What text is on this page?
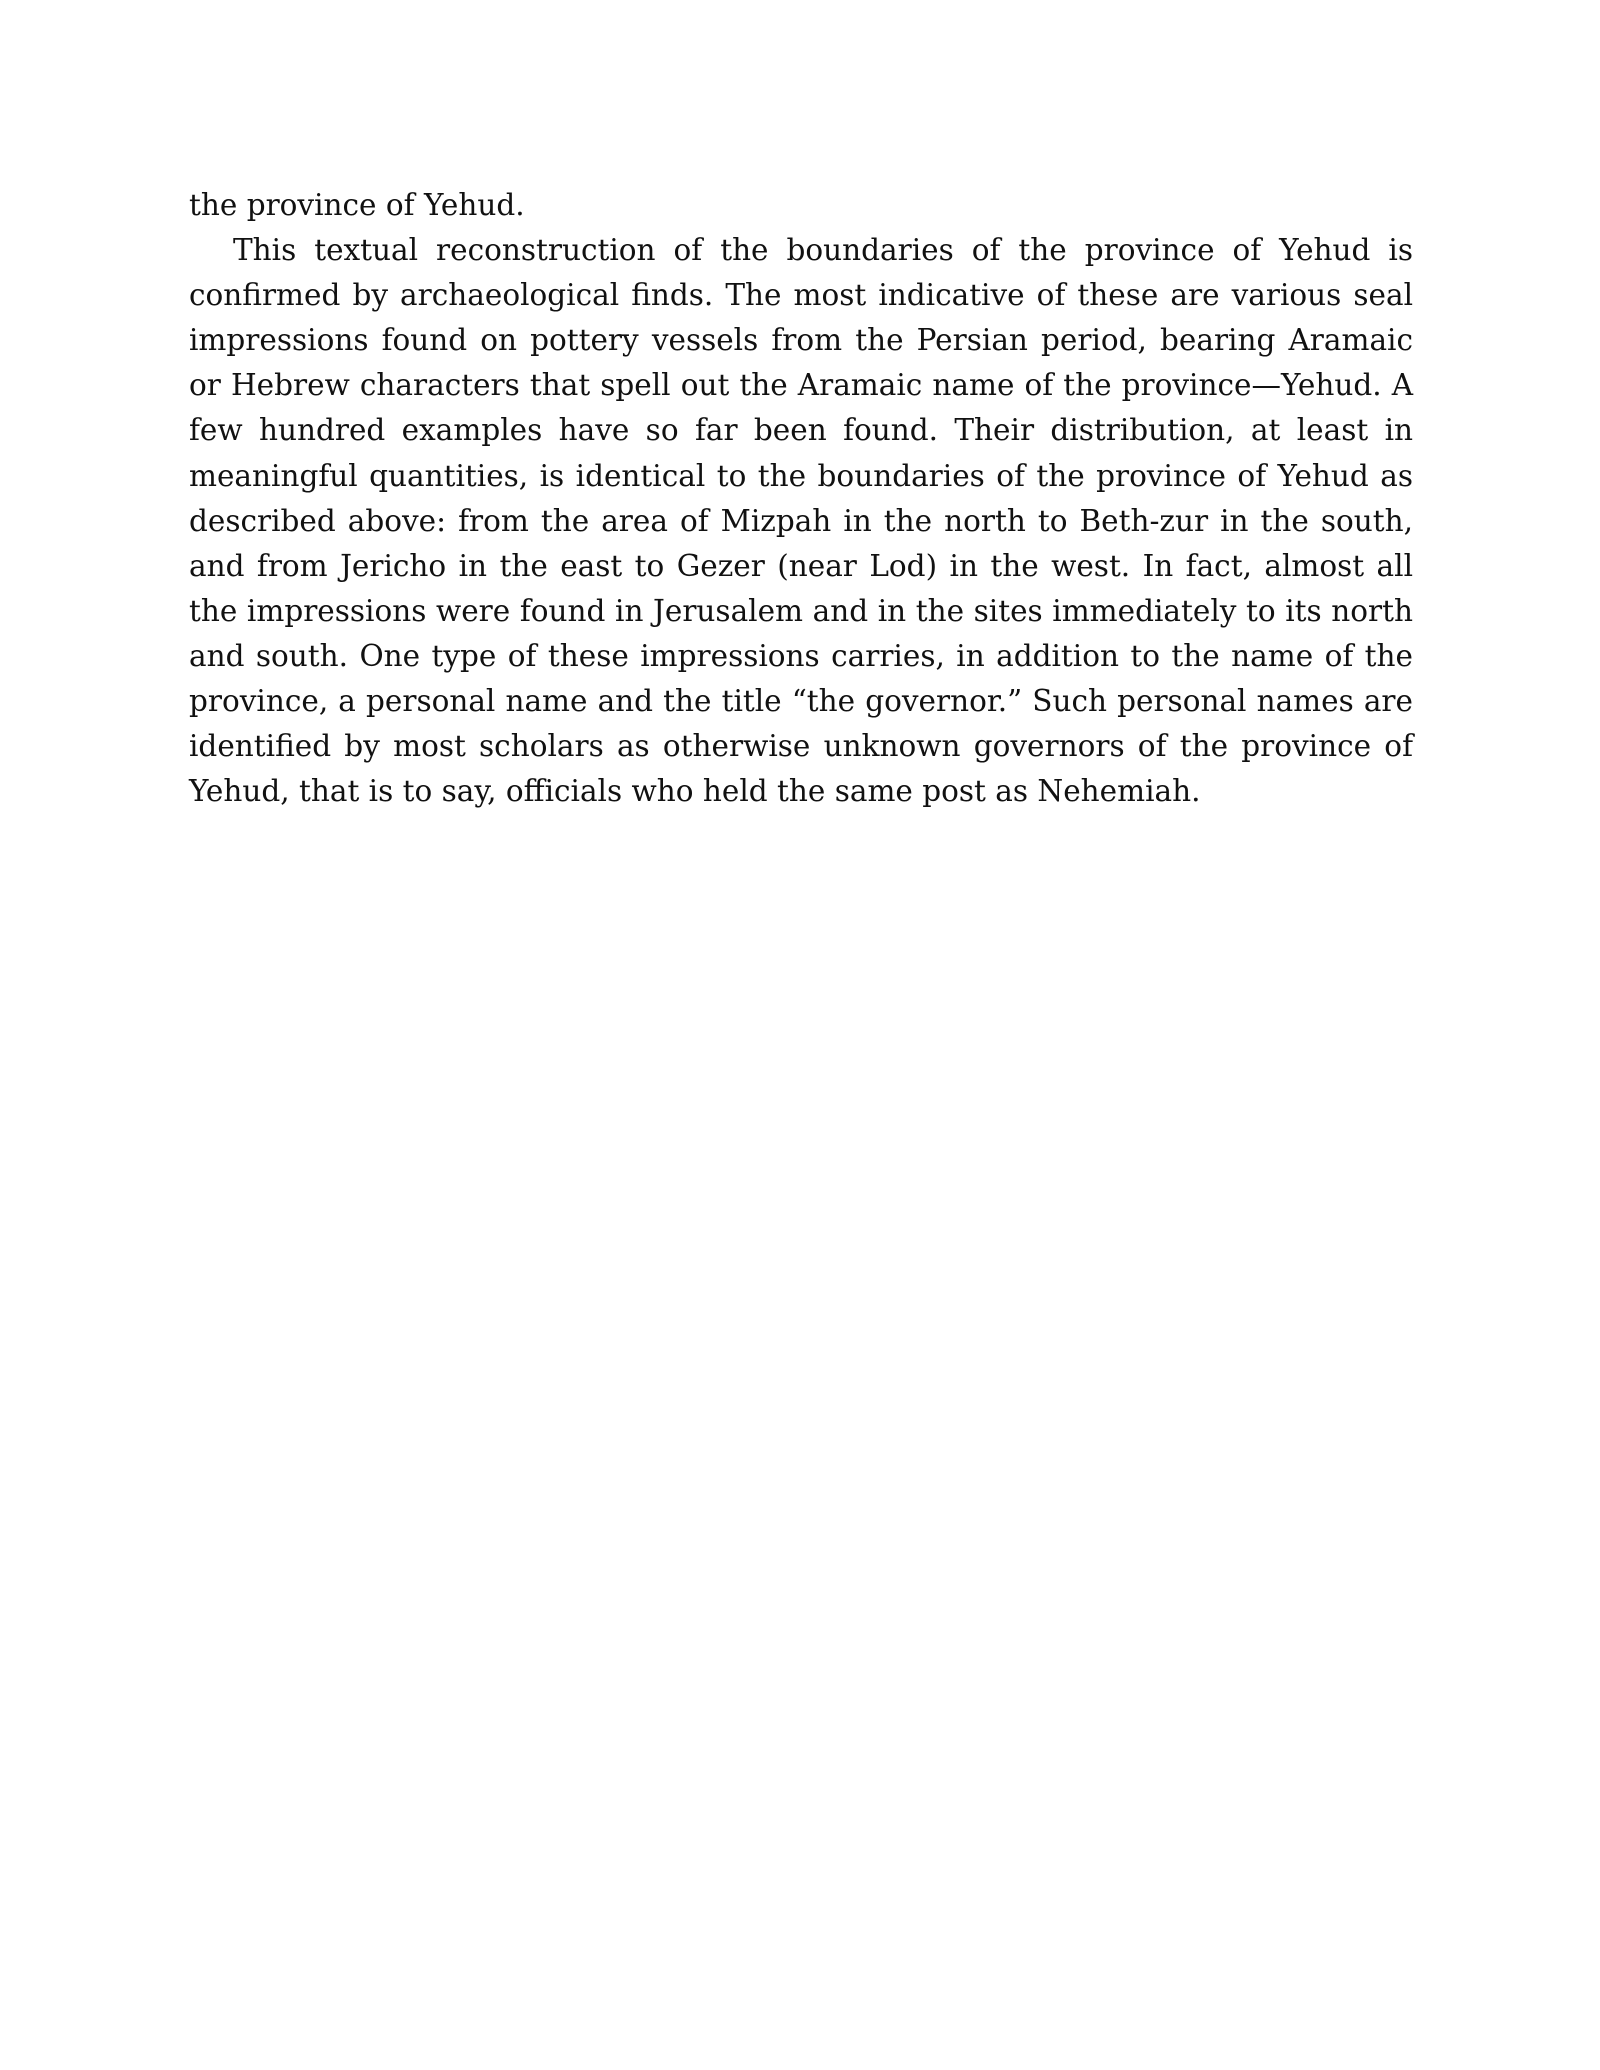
the province of Yehud.

This textual reconstruction of the boundaries of the province of Yehud is confirmed by archaeological finds. The most indicative of these are various seal impressions found on pottery vessels from the Persian period, bearing Aramaic or Hebrew characters that spell out the Aramaic name of the province—Yehud. A few hundred examples have so far been found. Their distribution, at least in meaningful quantities, is identical to the boundaries of the province of Yehud as described above: from the area of Mizpah in the north to Beth-zur in the south, and from Jericho in the east to Gezer (near Lod) in the west. In fact, almost all the impressions were found in Jerusalem and in the sites immediately to its north and south. One type of these impressions carries, in addition to the name of the province, a personal name and the title “the governor.” Such personal names are identified by most scholars as otherwise unknown governors of the province of Yehud, that is to say, officials who held the same post as Nehemiah.
